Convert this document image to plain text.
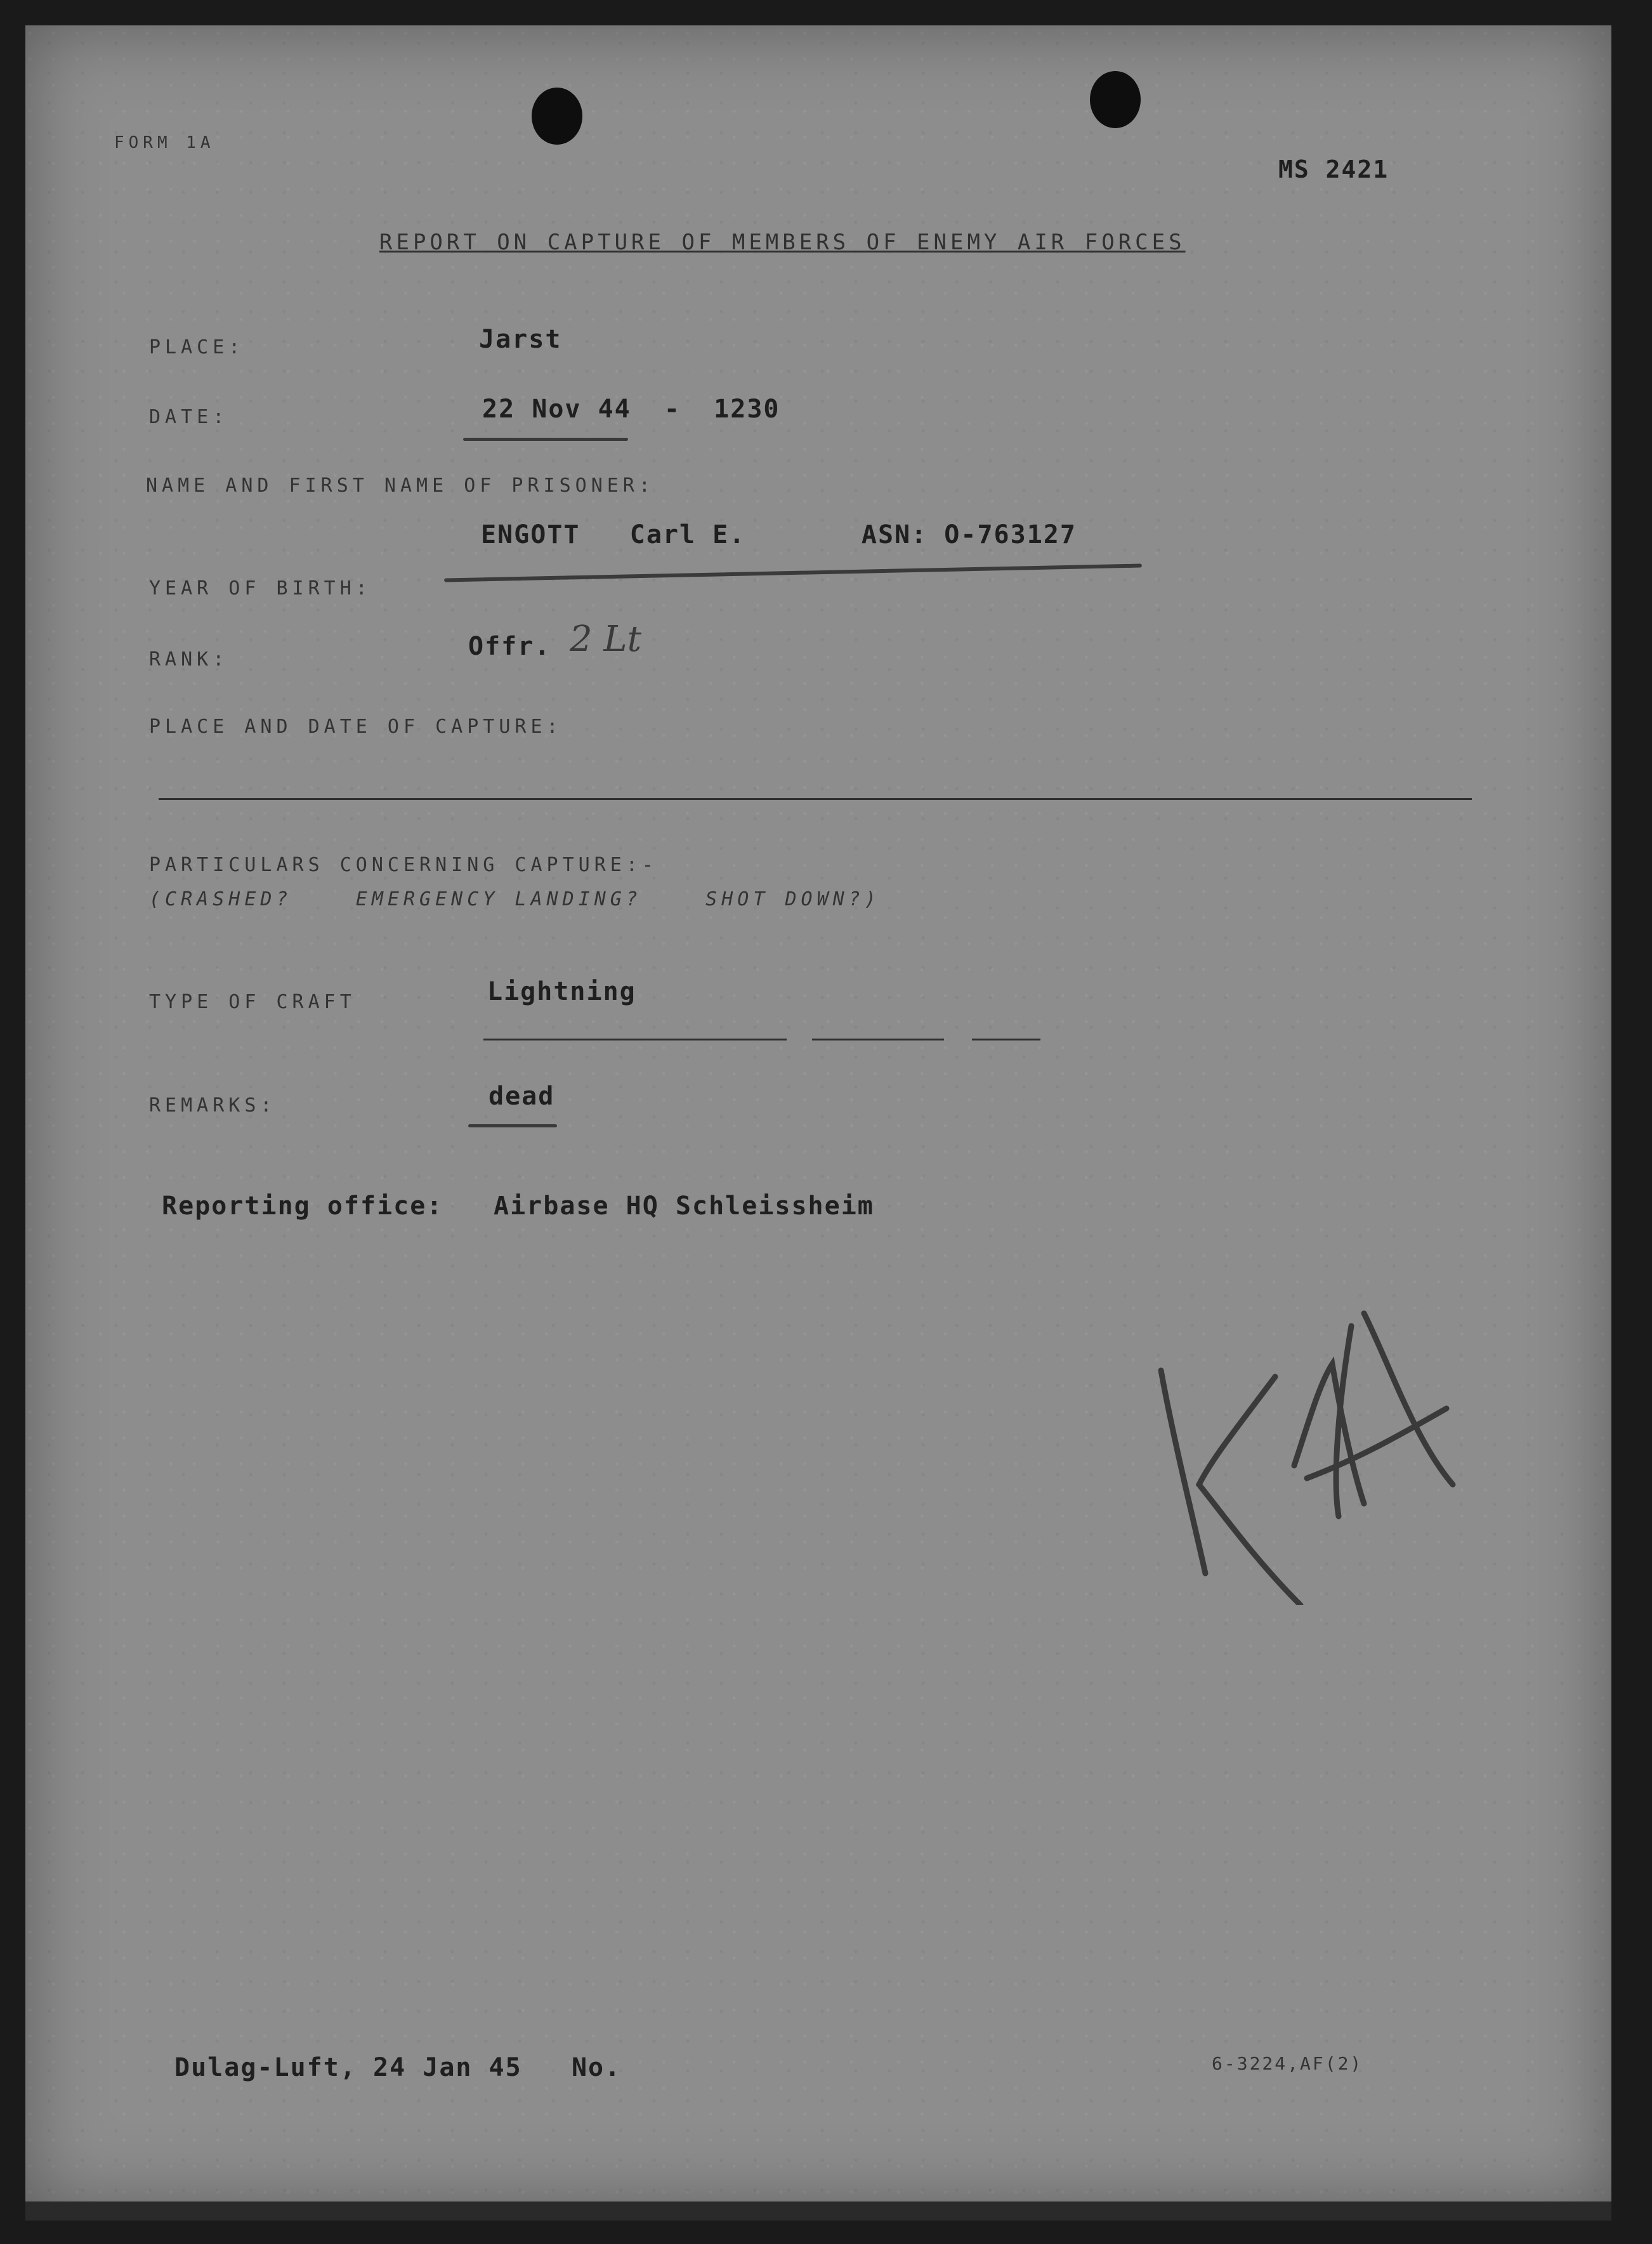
FORM 1A
MS 2421
REPORT ON CAPTURE OF MEMBERS OF ENEMY AIR FORCES
PLACE:	Jarst
DATE:	22 Nov 44  -  1230
NAME AND FIRST NAME OF PRISONER:
ENGOTT   Carl E.       ASN: O-763127
YEAR OF BIRTH:
RANK:	Offr. 2 Lt
PLACE AND DATE OF CAPTURE:
PARTICULARS CONCERNING CAPTURE:-
(CRASHED?    EMERGENCY LANDING?    SHOT DOWN?)
TYPE OF CRAFT	Lightning
REMARKS:	dead
Reporting office: Airbase HQ Schleissheim
Dulag-Luft, 24 Jan 45   No.	6-3224,AF(2)
